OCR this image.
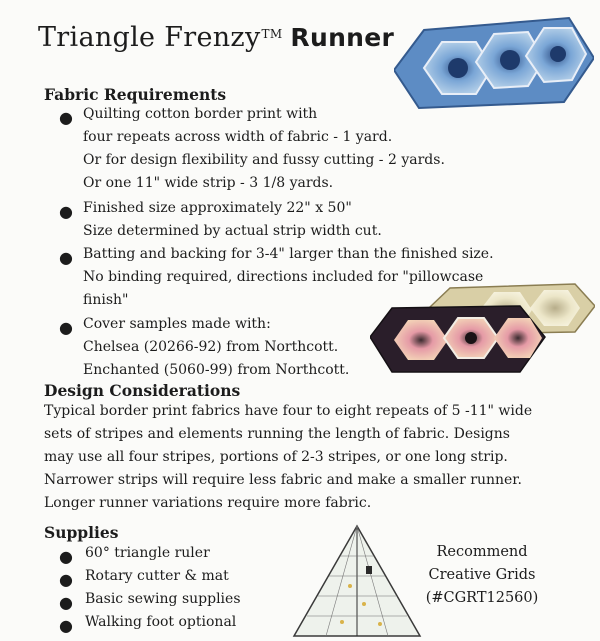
Triangle Frenzy™ Runner
Fabric Requirements
● Quilting cotton border print with
four repeats across width of fabric - 1 yard.
Or for design flexibility and fussy cutting - 2 yards.
Or one 11" wide strip - 3 1/8 yards.
● Finished size approximately 22" x 50"
Size determined by actual strip width cut.
● Batting and backing for 3-4" larger than the finished size.
No binding required, directions included for "pillowcase
finish"
● Cover samples made with:
Chelsea (20266-92) from Northcott.
Enchanted (5060-99) from Northcott.
Design Considerations
Typical border print fabrics have four to eight repeats of 5 -11" wide
sets of stripes and elements running the length of fabric. Designs
may use all four stripes, portions of 2-3 stripes, or one long strip.
Narrower strips will require less fabric and make a smaller runner.
Longer runner variations require more fabric.
Supplies
● 60° triangle ruler
● Rotary cutter & mat
● Basic sewing supplies
● Walking foot optional
Recommend
Creative Grids
(#CGRT12560)
